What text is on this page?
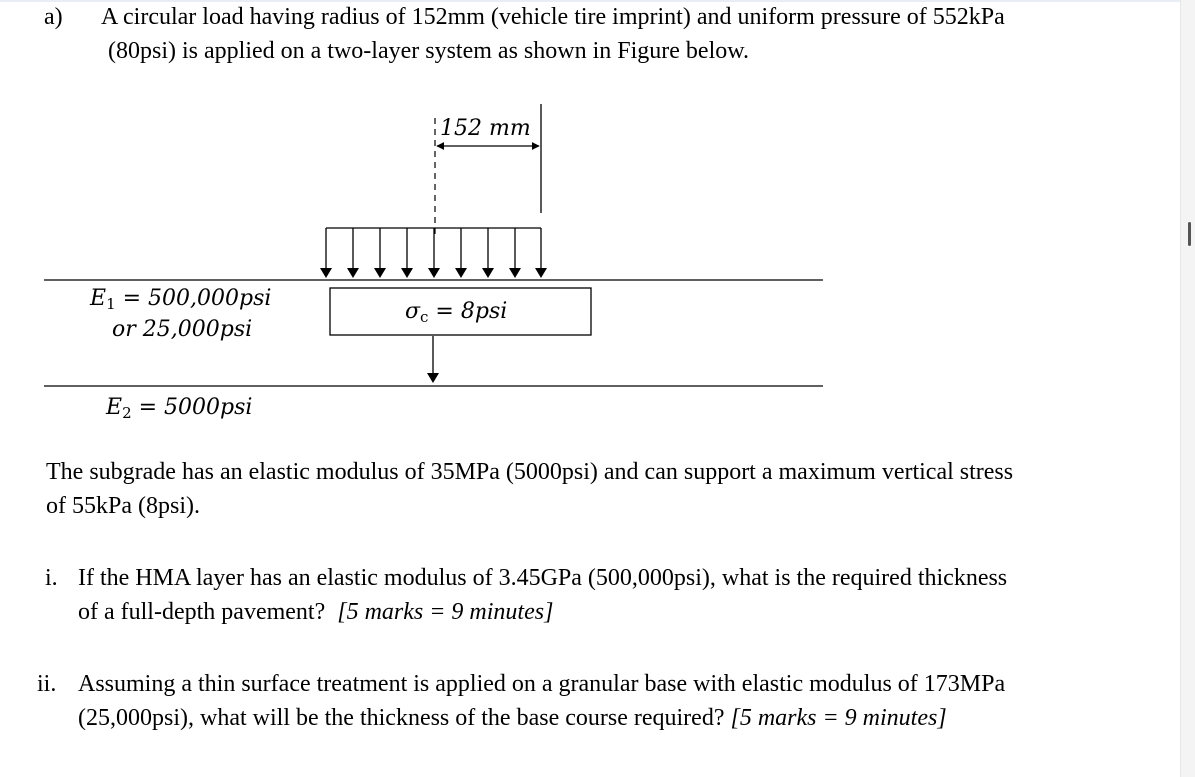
a) A circular load having radius of 152mm (vehicle tire imprint) and uniform pressure of 552kPa
(80psi) is applied on a two-layer system as shown in Figure below.
152 mm
E1 = 500,000psi
or 25,000psi
σc = 8psi
E2 = 5000psi
The subgrade has an elastic modulus of 35MPa (5000psi) and can support a maximum vertical stress
of 55kPa (8psi).
i. If the HMA layer has an elastic modulus of 3.45GPa (500,000psi), what is the required thickness
of a full-depth pavement? [5 marks = 9 minutes]
ii. Assuming a thin surface treatment is applied on a granular base with elastic modulus of 173MPa
(25,000psi), what will be the thickness of the base course required? [5 marks = 9 minutes]
